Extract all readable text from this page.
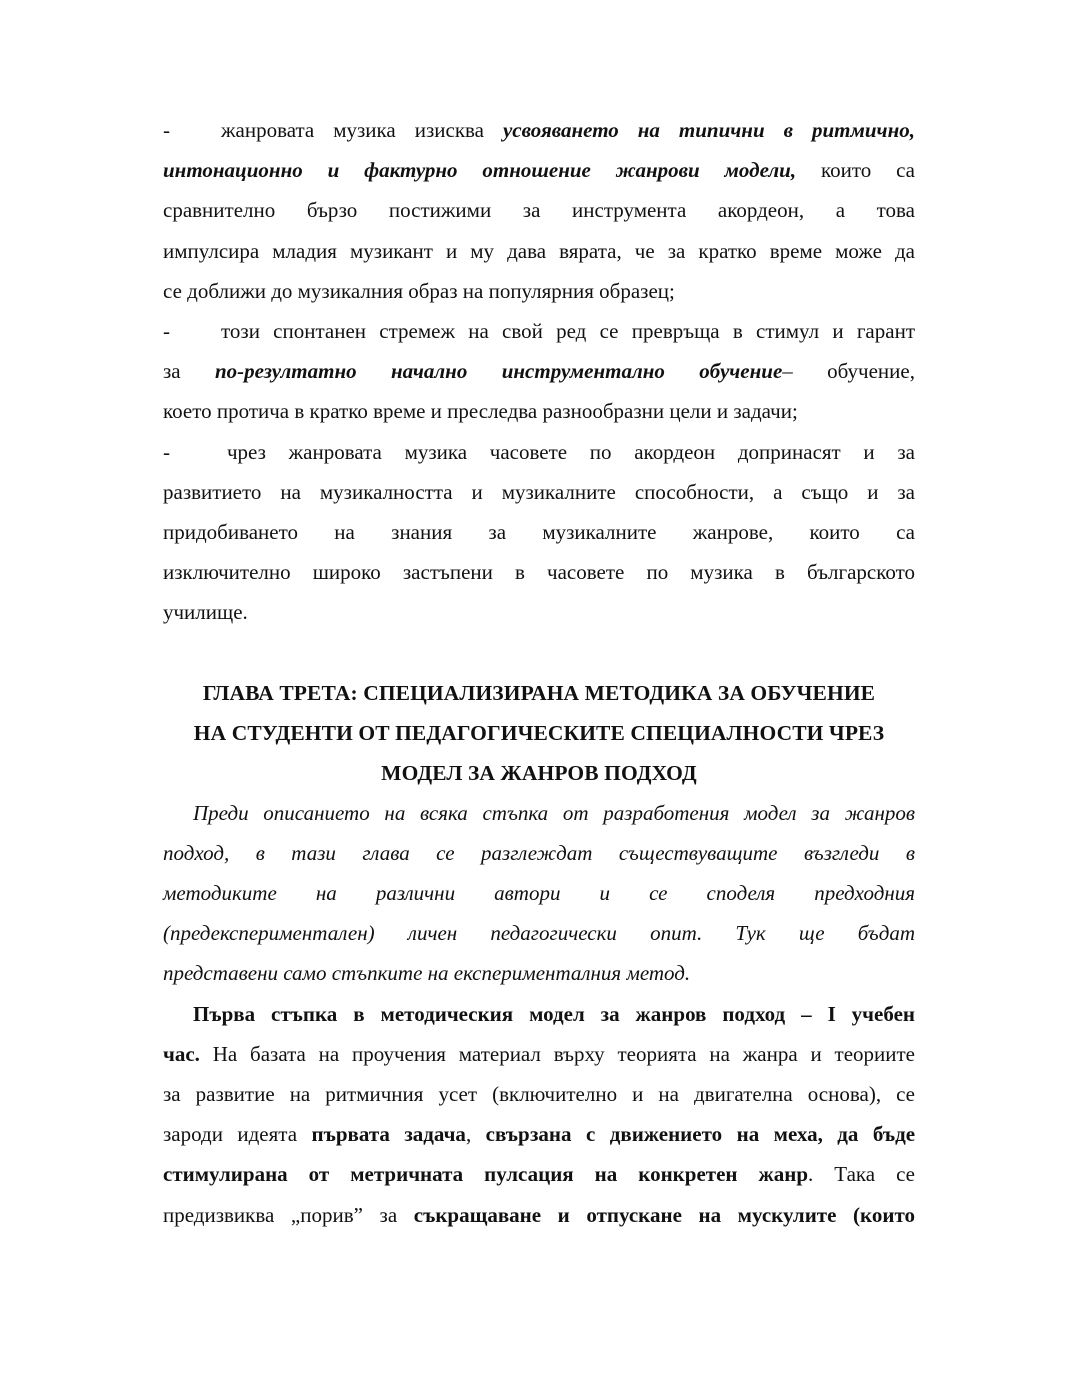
- жанровата музика изисква усвояването на типични в ритмично,
интонационно и фактурно отношение жанрови модели, които са
сравнително бързо постижими за инструмента акордеон, а това
импулсира младия музикант и му дава вярата, че за кратко време може да
се доближи до музикалния образ на популярния образец;
- този спонтанен стремеж на свой ред се превръща в стимул и гарант
за по-резултатно начално инструментално обучение– обучение,
което протича в кратко време и преследва разнообразни цели и задачи;
-	чрез жанровата музика часовете по акордеон допринасят и за
развитието на музикалността и музикалните способности, а също и за
придобиването на знания за музикалните жанрове, които са
изключително широко застъпени в часовете по музика в българското
училище.
ГЛАВА ТРЕТА: СПЕЦИАЛИЗИРАНА МЕТОДИКА ЗА ОБУЧЕНИЕ
НА СТУДЕНТИ ОТ ПЕДАГОГИЧЕСКИТЕ СПЕЦИАЛНОСТИ ЧРЕЗ
МОДЕЛ ЗА ЖАНРОВ ПОДХОД
Преди описанието на всяка стъпка от разработения модел за жанров
подход, в тази глава се разглеждат съществуващите възгледи в
методиките на различни автори и се споделя предходния
(предекспериментален) личен педагогически опит. Тук ще бъдат
представени само стъпките на експерименталния метод.
Първа стъпка в методическия модел за жанров подход – І учебен
час. На базата на проучения материал върху теорията на жанра и теориите
за развитие на ритмичния усет (включително и на двигателна основа), се
зароди идеята първата задача, свързана с движението на меха, да бъде
стимулирана от метричната пулсация на конкретен жанр. Така се
предизвиква „порив” за съкращаване и отпускане на мускулите (които
